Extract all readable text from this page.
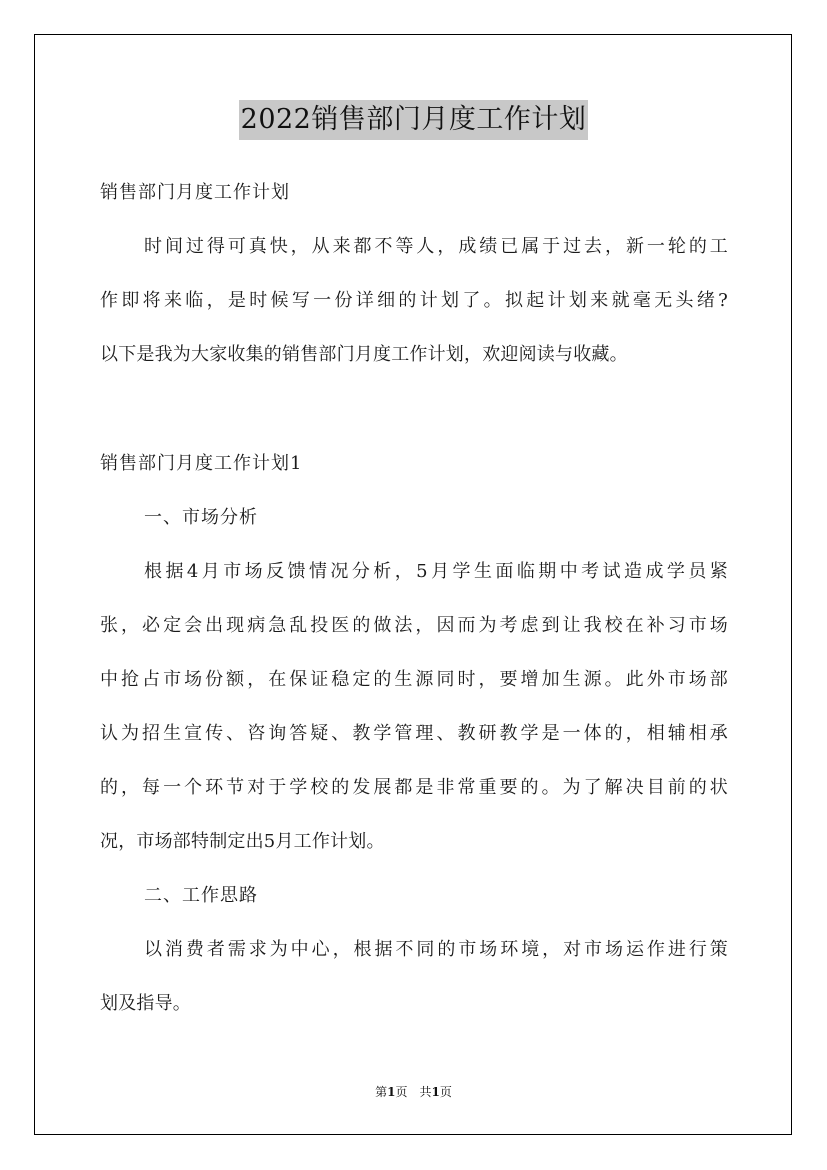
2022销售部门月度工作计划
销售部门月度工作计划
时间过得可真快，从来都不等人，成绩已属于过去，新一轮的工
作即将来临，是时候写一份详细的计划了。拟起计划来就毫无头绪?
以下是我为大家收集的销售部门月度工作计划，欢迎阅读与收藏。
销售部门月度工作计划1
一、市场分析
根据4月市场反馈情况分析，5月学生面临期中考试造成学员紧
张，必定会出现病急乱投医的做法，因而为考虑到让我校在补习市场
中抢占市场份额，在保证稳定的生源同时，要增加生源。此外市场部
认为招生宣传、咨询答疑、教学管理、教研教学是一体的，相辅相承
的，每一个环节对于学校的发展都是非常重要的。为了解决目前的状
况，市场部特制定出5月工作计划。
二、工作思路
以消费者需求为中心，根据不同的市场环境，对市场运作进行策
划及指导。
第1页　共1页
